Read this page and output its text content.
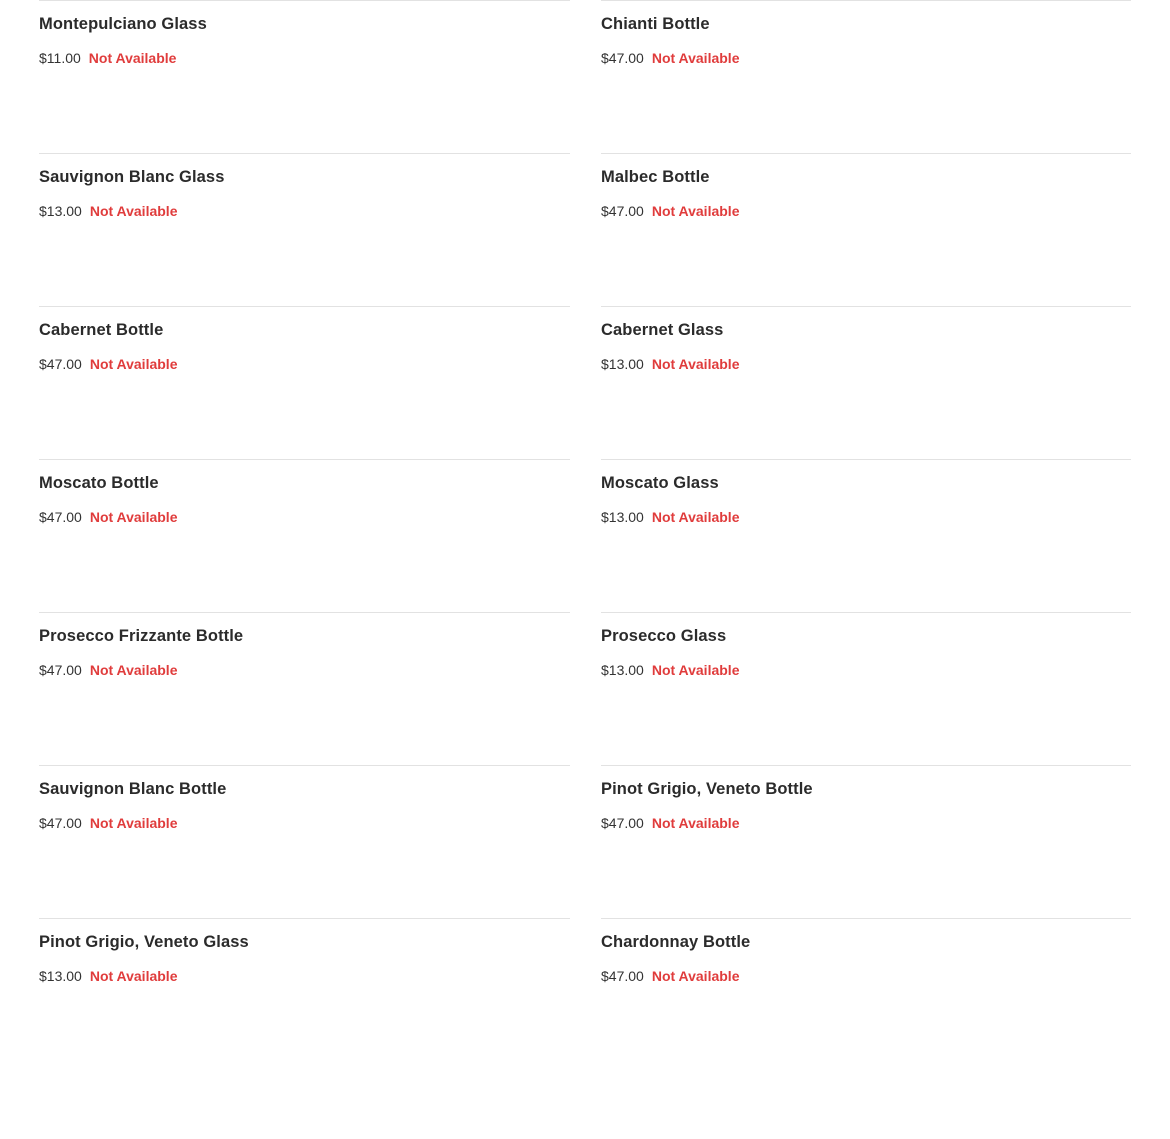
Montepulciano Glass
$11.00 Not Available
Chianti Bottle
$47.00 Not Available
Sauvignon Blanc Glass
$13.00 Not Available
Malbec Bottle
$47.00 Not Available
Cabernet Bottle
$47.00 Not Available
Cabernet Glass
$13.00 Not Available
Moscato Bottle
$47.00 Not Available
Moscato Glass
$13.00 Not Available
Prosecco Frizzante Bottle
$47.00 Not Available
Prosecco Glass
$13.00 Not Available
Sauvignon Blanc Bottle
$47.00 Not Available
Pinot Grigio, Veneto Bottle
$47.00 Not Available
Pinot Grigio, Veneto Glass
$13.00 Not Available
Chardonnay Bottle
$47.00 Not Available
